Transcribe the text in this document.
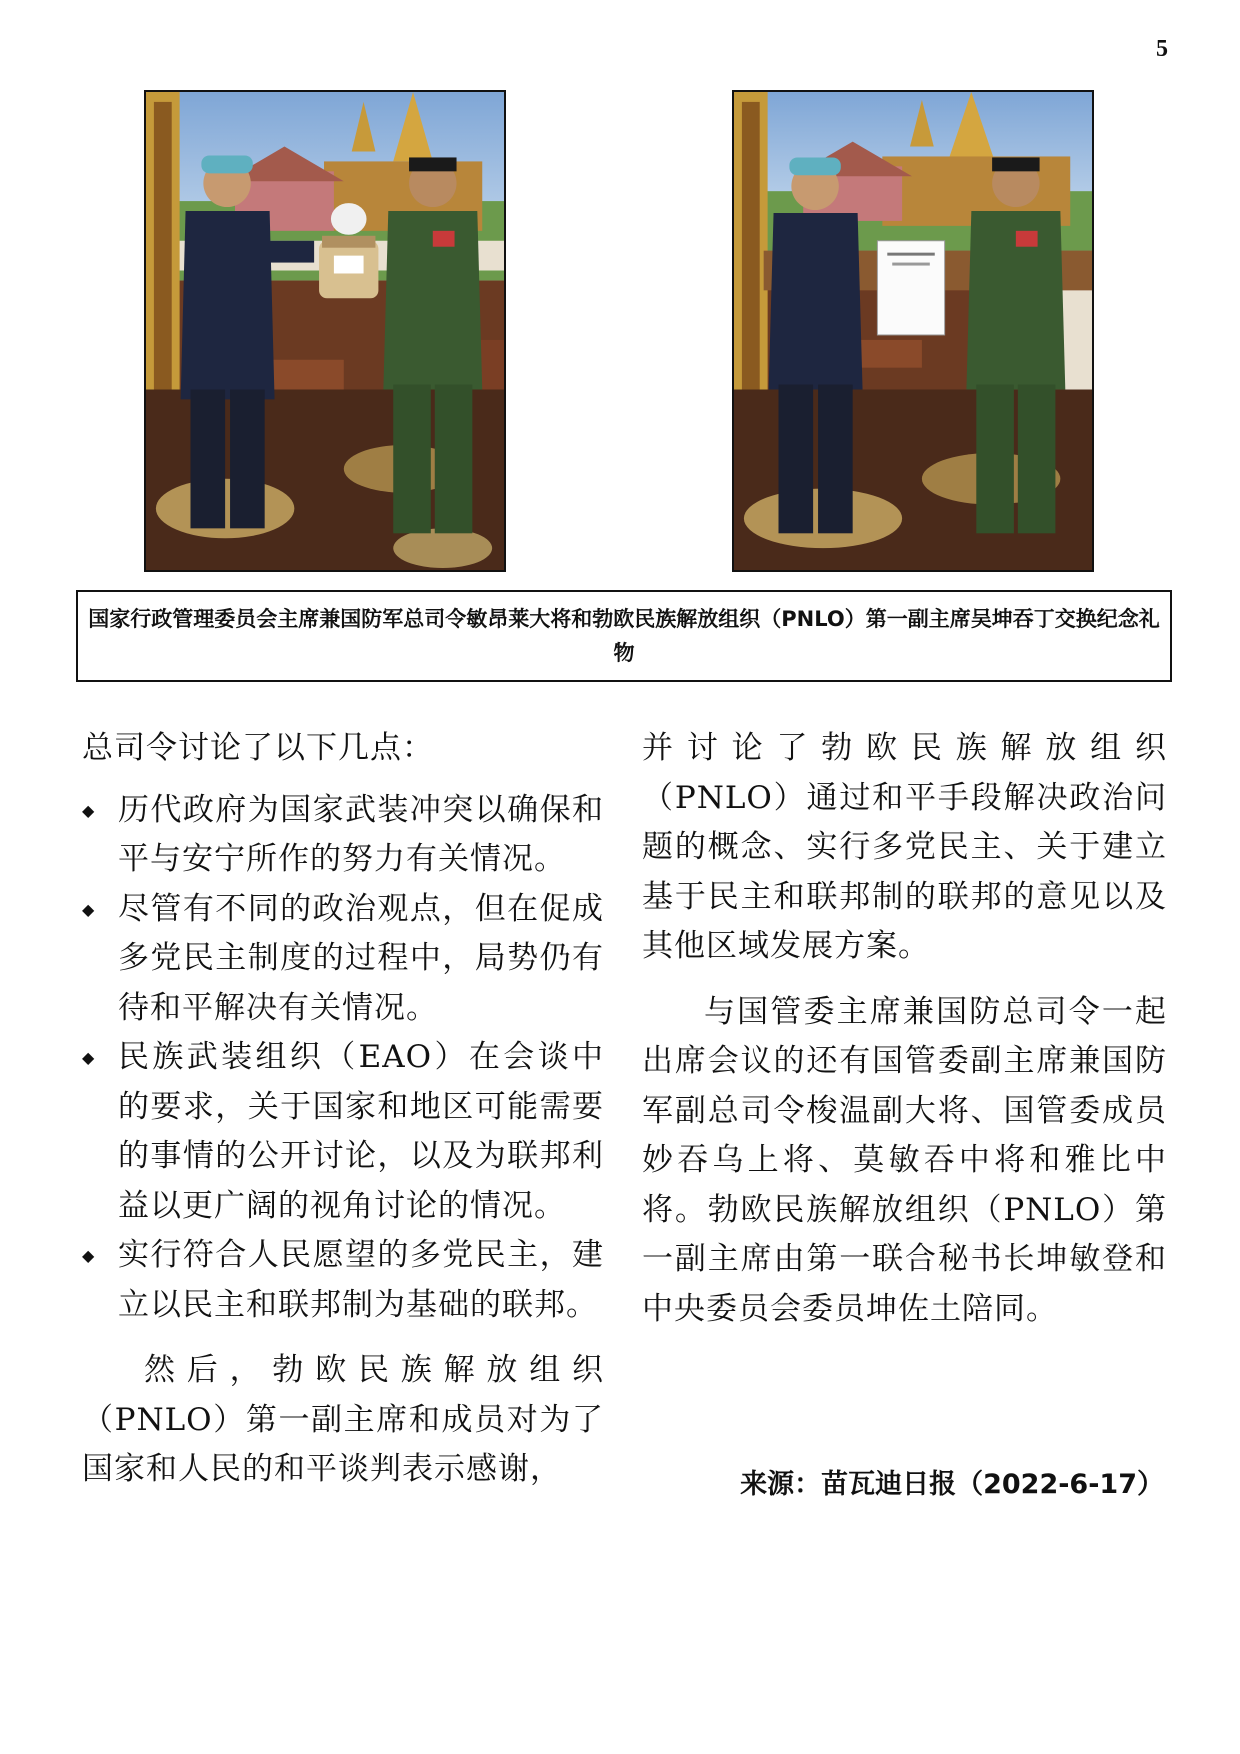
5
国家行政管理委员会主席兼国防军总司令敏昂莱大将和勃欧民族解放组织（PNLO）第一副主席吴坤吞丁交换纪念礼物

总司令讨论了以下几点：

◆ 历代政府为国家武装冲突以确保和平与安宁所作的努力有关情况。
◆ 尽管有不同的政治观点，但在促成多党民主制度的过程中，局势仍有待和平解决有关情况。
◆ 民族武装组织（EAO）在会谈中的要求，关于国家和地区可能需要的事情的公开讨论，以及为联邦利益以更广阔的视角讨论的情况。
◆ 实行符合人民愿望的多党民主，建立以民主和联邦制为基础的联邦。

然后，勃欧民族解放组织（PNLO）第一副主席和成员对为了国家和人民的和平谈判表示感谢，

并讨论了勃欧民族解放组织（PNLO）通过和平手段解决政治问题的概念、实行多党民主、关于建立基于民主和联邦制的联邦的意见以及其他区域发展方案。

与国管委主席兼国防总司令一起出席会议的还有国管委副主席兼国防军副总司令梭温副大将、国管委成员妙吞乌上将、莫敏吞中将和雅比中将。勃欧民族解放组织（PNLO）第一副主席由第一联合秘书长坤敏登和中央委员会委员坤佐土陪同。

来源：苗瓦迪日报（2022-6-17）
